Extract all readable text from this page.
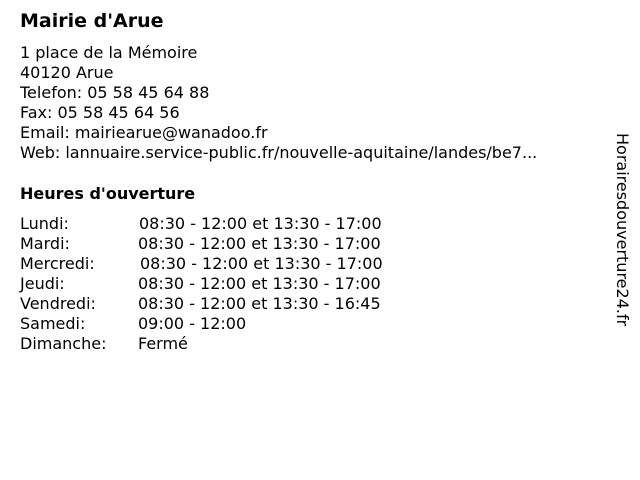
Mairie d'Arue
1 place de la Mémoire
40120 Arue
Telefon: 05 58 45 64 88
Fax: 05 58 45 64 56
Email: mairiearue@wanadoo.fr
Web: lannuaire.service-public.fr/nouvelle-aquitaine/landes/be7...
Heures d'ouverture
Lundi:	08:30 - 12:00 et 13:30 - 17:00
Mardi:	08:30 - 12:00 et 13:30 - 17:00
Mercredi:	08:30 - 12:00 et 13:30 - 17:00
Jeudi:	08:30 - 12:00 et 13:30 - 17:00
Vendredi:	08:30 - 12:00 et 13:30 - 16:45
Samedi:	09:00 - 12:00
Dimanche: Fermé
Horairesdouverture24.fr
